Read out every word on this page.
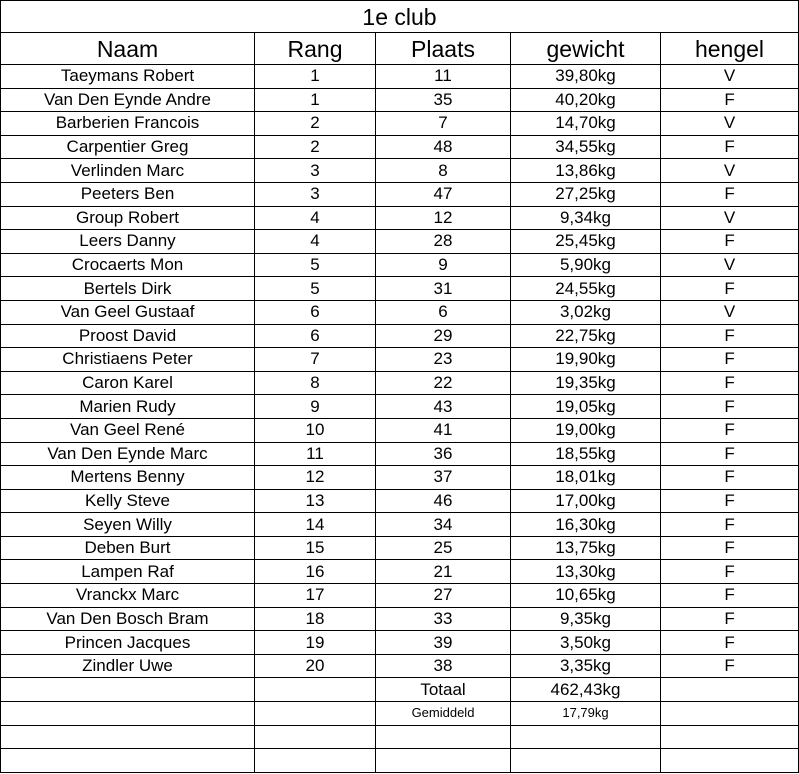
1e club				
Naam	Rang	Plaats	gewicht	hengel
Taeymans Robert	1	11	39,80kg	V
Van Den Eynde Andre	1	35	40,20kg	F
Barberien Francois	2	7	14,70kg	V
Carpentier Greg	2	48	34,55kg	F
Verlinden Marc	3	8	13,86kg	V
Peeters Ben	3	47	27,25kg	F
Group Robert	4	12	9,34kg	V
Leers Danny	4	28	25,45kg	F
Crocaerts Mon	5	9	5,90kg	V
Bertels Dirk	5	31	24,55kg	F
Van Geel Gustaaf	6	6	3,02kg	V
Proost David	6	29	22,75kg	F
Christiaens Peter	7	23	19,90kg	F
Caron Karel	8	22	19,35kg	F
Marien Rudy	9	43	19,05kg	F
Van Geel René	10	41	19,00kg	F
Van Den Eynde Marc	11	36	18,55kg	F
Mertens Benny	12	37	18,01kg	F
Kelly Steve	13	46	17,00kg	F
Seyen Willy	14	34	16,30kg	F
Deben Burt	15	25	13,75kg	F
Lampen Raf	16	21	13,30kg	F
Vranckx Marc	17	27	10,65kg	F
Van Den Bosch Bram	18	33	9,35kg	F
Princen Jacques	19	39	3,50kg	F
Zindler Uwe	20	38	3,35kg	F
		Totaal	462,43kg	
		Gemiddeld	17,79kg	
